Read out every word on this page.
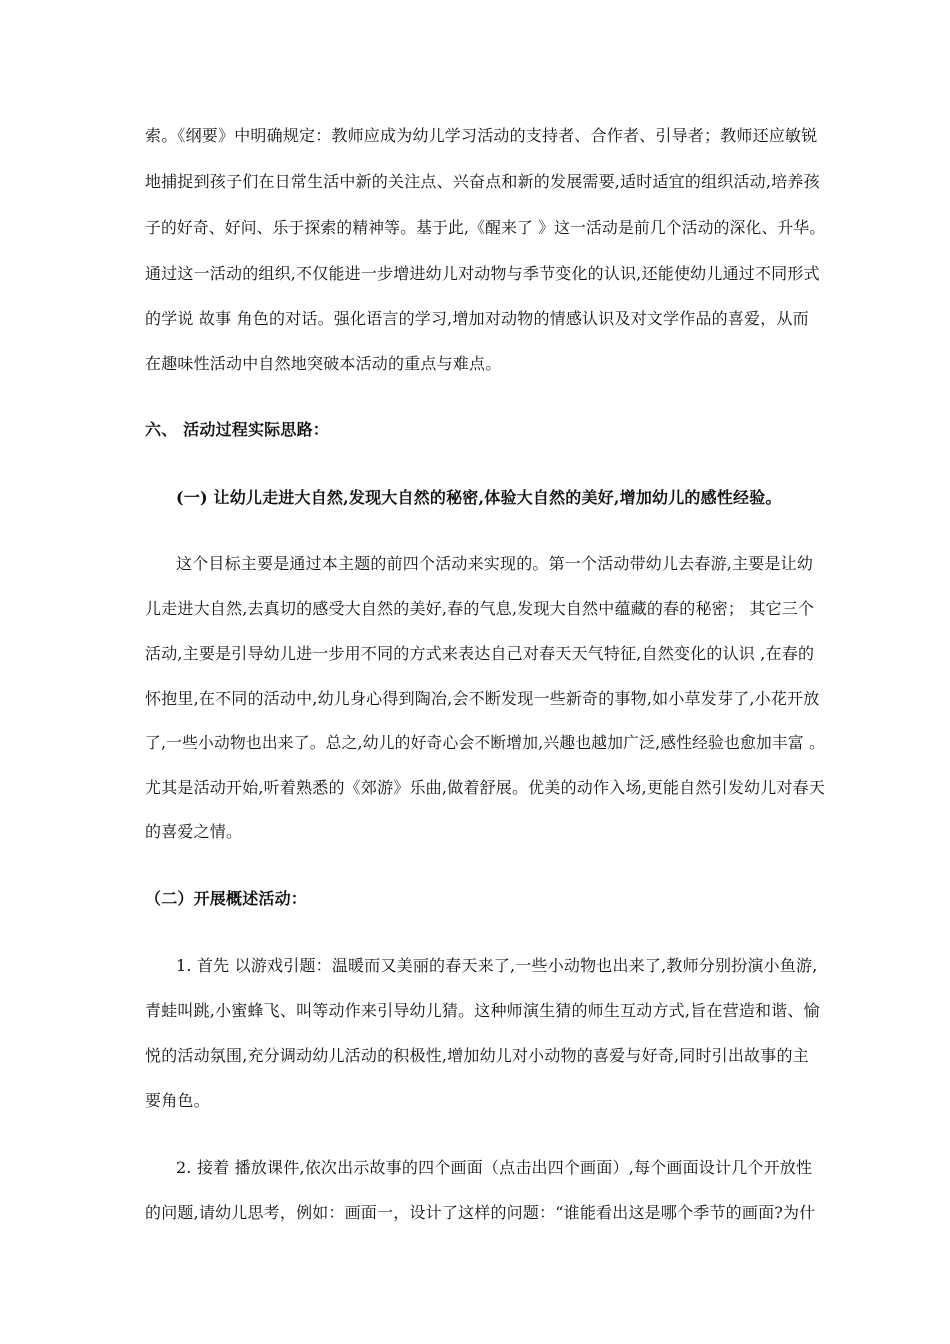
索。《纲要》中明确规定：教师应成为幼儿学习活动的支持者、合作者、引导者；教师还应敏锐
地捕捉到孩子们在日常生活中新的关注点、兴奋点和新的发展需要,适时适宜的组织活动,培养孩
子的好奇、好问、乐于探索的精神等。基于此,《醒来了 》这一活动是前几个活动的深化、升华。
通过这一活动的组织,不仅能进一步增进幼儿对动物与季节变化的认识,还能使幼儿通过不同形式
的学说 故事 角色的对话。强化语言的学习,增加对动物的情感认识及对文学作品的喜爱，从而
在趣味性活动中自然地突破本活动的重点与难点。
六、 活动过程实际思路：
(一) 让幼儿走进大自然,发现大自然的秘密,体验大自然的美好,增加幼儿的感性经验。
这个目标主要是通过本主题的前四个活动来实现的。第一个活动带幼儿去春游,主要是让幼
儿走进大自然,去真切的感受大自然的美好,春的气息,发现大自然中蕴藏的春的秘密； 其它三个
活动,主要是引导幼儿进一步用不同的方式来表达自己对春天天气特征,自然变化的认识 ,在春的
怀抱里,在不同的活动中,幼儿身心得到陶冶,会不断发现一些新奇的事物,如小草发芽了,小花开放
了,一些小动物也出来了。总之,幼儿的好奇心会不断增加,兴趣也越加广泛,感性经验也愈加丰富 。
尤其是活动开始,听着熟悉的《郊游》乐曲,做着舒展。优美的动作入场,更能自然引发幼儿对春天
的喜爱之情。
（二）开展概述活动：
1. 首先 以游戏引题：温暖而又美丽的春天来了,一些小动物也出来了,教师分别扮演小鱼游,
青蛙叫跳,小蜜蜂飞、叫等动作来引导幼儿猜。这种师演生猜的师生互动方式,旨在营造和谐、愉
悦的活动氛围,充分调动幼儿活动的积极性,增加幼儿对小动物的喜爱与好奇,同时引出故事的主
要角色。
2. 接着 播放课件,依次出示故事的四个画面（点击出四个画面）,每个画面设计几个开放性
的问题,请幼儿思考，例如：画面一，设计了这样的问题：“谁能看出这是哪个季节的画面?为什
